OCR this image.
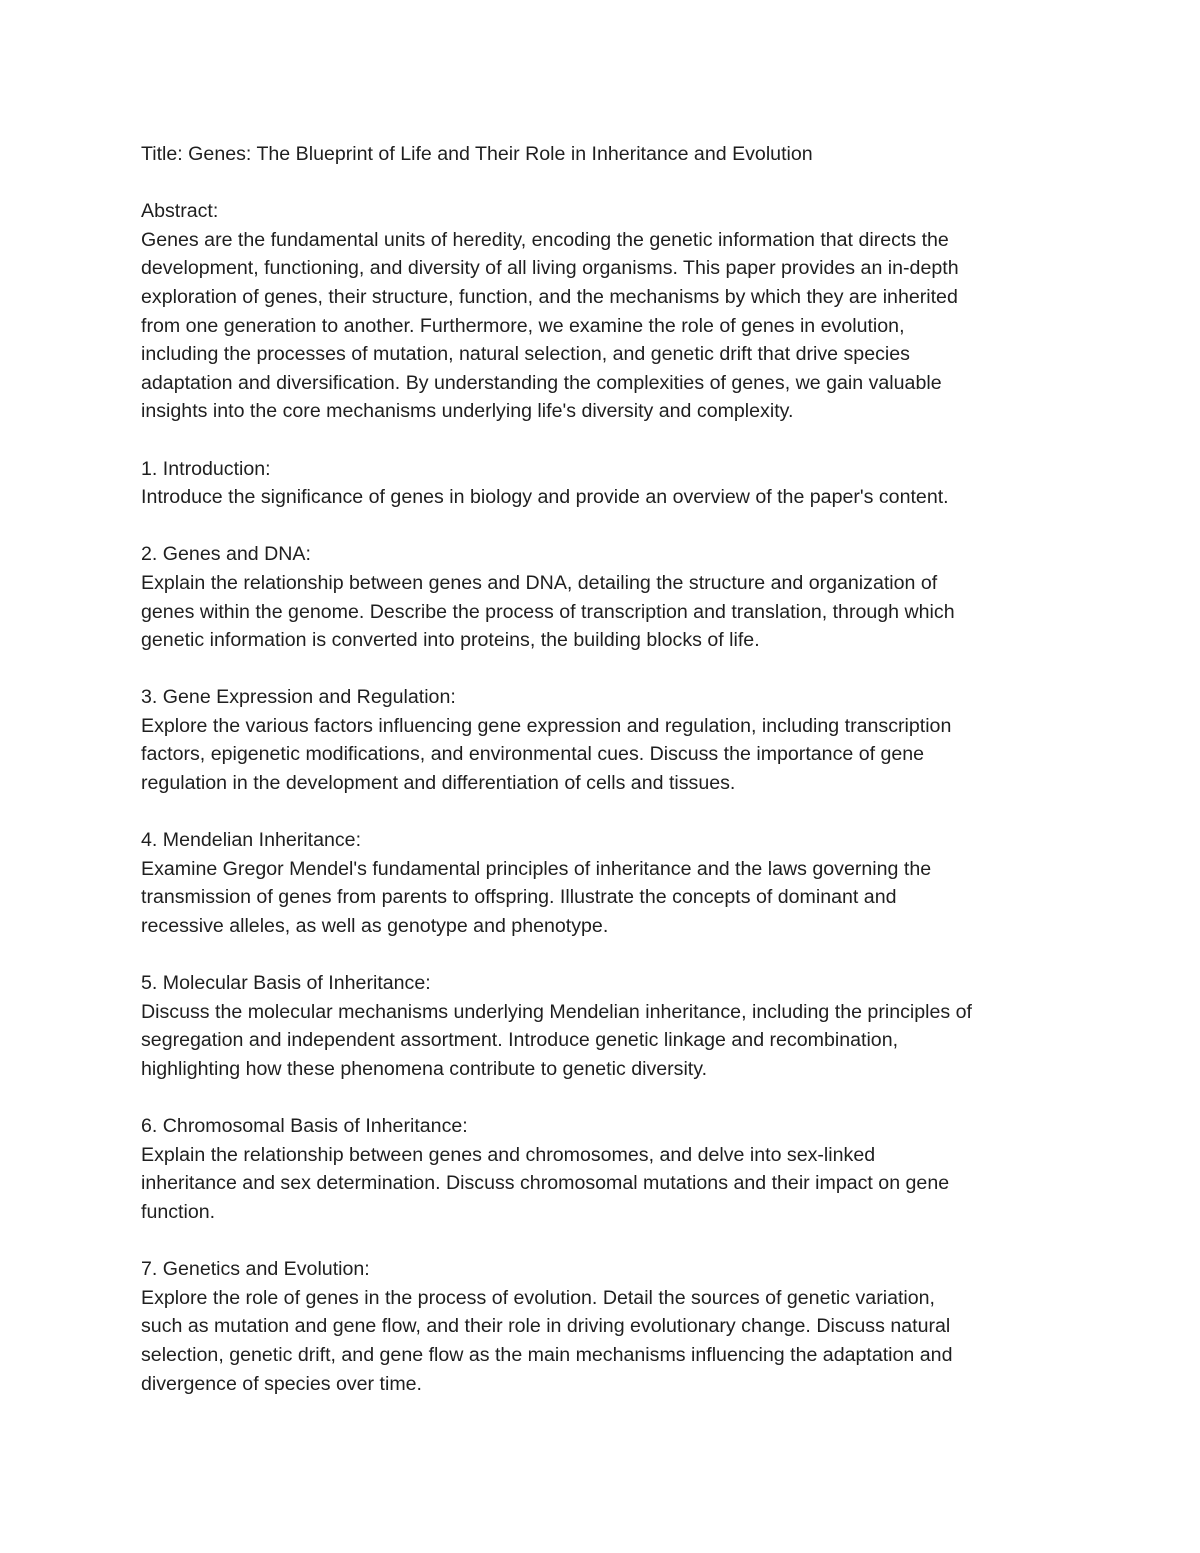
Title: Genes: The Blueprint of Life and Their Role in Inheritance and Evolution
Abstract:
Genes are the fundamental units of heredity, encoding the genetic information that directs the
development, functioning, and diversity of all living organisms. This paper provides an in-depth
exploration of genes, their structure, function, and the mechanisms by which they are inherited
from one generation to another. Furthermore, we examine the role of genes in evolution,
including the processes of mutation, natural selection, and genetic drift that drive species
adaptation and diversification. By understanding the complexities of genes, we gain valuable
insights into the core mechanisms underlying life's diversity and complexity.
1. Introduction:
Introduce the significance of genes in biology and provide an overview of the paper's content.
2. Genes and DNA:
Explain the relationship between genes and DNA, detailing the structure and organization of
genes within the genome. Describe the process of transcription and translation, through which
genetic information is converted into proteins, the building blocks of life.
3. Gene Expression and Regulation:
Explore the various factors influencing gene expression and regulation, including transcription
factors, epigenetic modifications, and environmental cues. Discuss the importance of gene
regulation in the development and differentiation of cells and tissues.
4. Mendelian Inheritance:
Examine Gregor Mendel's fundamental principles of inheritance and the laws governing the
transmission of genes from parents to offspring. Illustrate the concepts of dominant and
recessive alleles, as well as genotype and phenotype.
5. Molecular Basis of Inheritance:
Discuss the molecular mechanisms underlying Mendelian inheritance, including the principles of
segregation and independent assortment. Introduce genetic linkage and recombination,
highlighting how these phenomena contribute to genetic diversity.
6. Chromosomal Basis of Inheritance:
Explain the relationship between genes and chromosomes, and delve into sex-linked
inheritance and sex determination. Discuss chromosomal mutations and their impact on gene
function.
7. Genetics and Evolution:
Explore the role of genes in the process of evolution. Detail the sources of genetic variation,
such as mutation and gene flow, and their role in driving evolutionary change. Discuss natural
selection, genetic drift, and gene flow as the main mechanisms influencing the adaptation and
divergence of species over time.
